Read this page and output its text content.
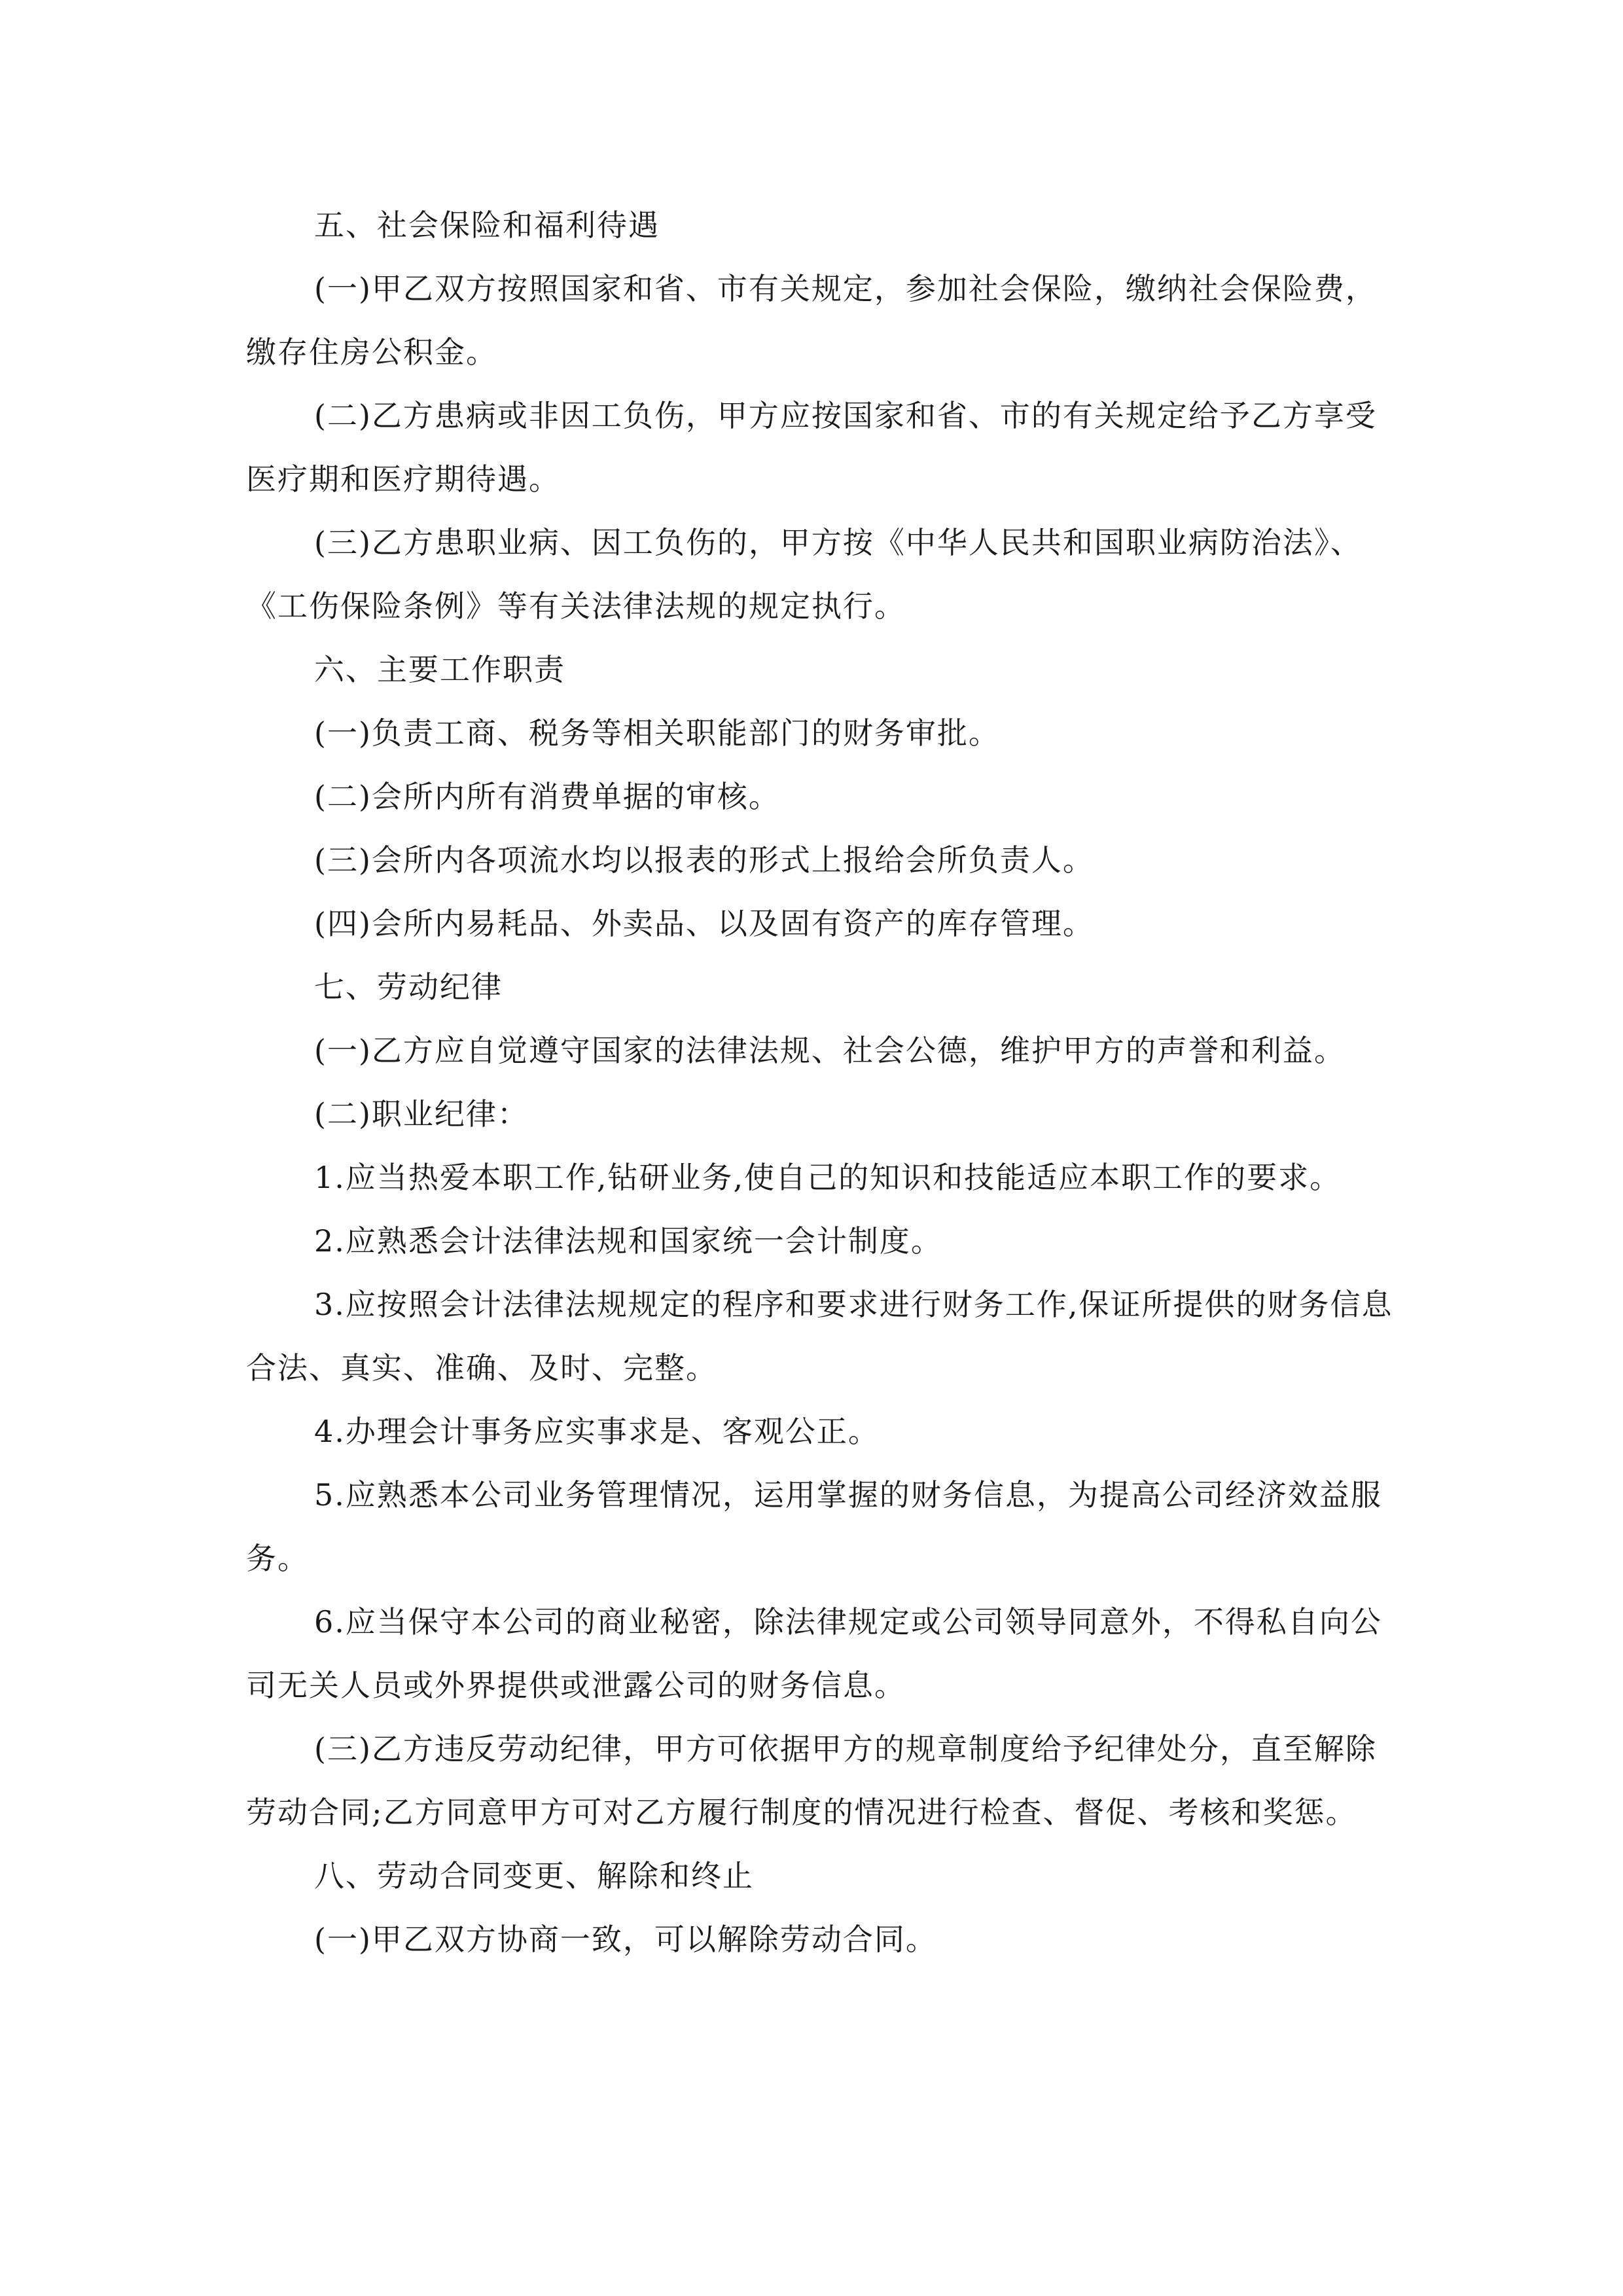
五、社会保险和福利待遇

(一)甲乙双方按照国家和省、市有关规定，参加社会保险，缴纳社会保险费，缴存住房公积金。

(二)乙方患病或非因工负伤，甲方应按国家和省、市的有关规定给予乙方享受医疗期和医疗期待遇。

(三)乙方患职业病、因工负伤的，甲方按《中华人民共和国职业病防治法》、《工伤保险条例》等有关法律法规的规定执行。

六、主要工作职责

(一)负责工商、税务等相关职能部门的财务审批。

(二)会所内所有消费单据的审核。

(三)会所内各项流水均以报表的形式上报给会所负责人。

(四)会所内易耗品、外卖品、以及固有资产的库存管理。

七、劳动纪律

(一)乙方应自觉遵守国家的法律法规、社会公德，维护甲方的声誉和利益。

(二)职业纪律：

1.应当热爱本职工作,钻研业务,使自己的知识和技能适应本职工作的要求。

2.应熟悉会计法律法规和国家统一会计制度。

3.应按照会计法律法规规定的程序和要求进行财务工作,保证所提供的财务信息合法、真实、准确、及时、完整。

4.办理会计事务应实事求是、客观公正。

5.应熟悉本公司业务管理情况，运用掌握的财务信息，为提高公司经济效益服务。

6.应当保守本公司的商业秘密，除法律规定或公司领导同意外，不得私自向公司无关人员或外界提供或泄露公司的财务信息。

(三)乙方违反劳动纪律，甲方可依据甲方的规章制度给予纪律处分，直至解除劳动合同;乙方同意甲方可对乙方履行制度的情况进行检查、督促、考核和奖惩。

八、劳动合同变更、解除和终止

(一)甲乙双方协商一致，可以解除劳动合同。
